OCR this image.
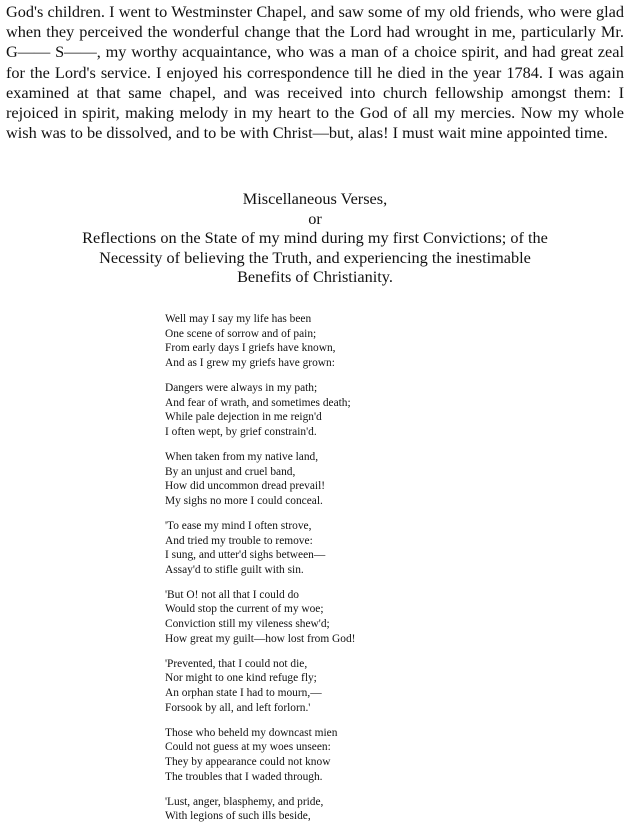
God's children. I went to Westminster Chapel, and saw some of my old friends, who were glad when they perceived the wonderful change that the Lord had wrought in me, particularly Mr. G—— S——, my worthy acquaintance, who was a man of a choice spirit, and had great zeal for the Lord's service. I enjoyed his correspondence till he died in the year 1784. I was again examined at that same chapel, and was received into church fellowship amongst them: I rejoiced in spirit, making melody in my heart to the God of all my mercies. Now my whole wish was to be dissolved, and to be with Christ—but, alas! I must wait mine appointed time.

Miscellaneous Verses,
or
Reflections on the State of my mind during my first Convictions; of the
Necessity of believing the Truth, and experiencing the inestimable
Benefits of Christianity.
Well may I say my life has been
One scene of sorrow and of pain;
From early days I griefs have known,
And as I grew my griefs have grown:
Dangers were always in my path;
And fear of wrath, and sometimes death;
While pale dejection in me reign'd
I often wept, by grief constrain'd.
When taken from my native land,
By an unjust and cruel band,
How did uncommon dread prevail!
My sighs no more I could conceal.
'To ease my mind I often strove,
And tried my trouble to remove:
I sung, and utter'd sighs between—
Assay'd to stifle guilt with sin.
'But O! not all that I could do
Would stop the current of my woe;
Conviction still my vileness shew'd;
How great my guilt—how lost from God!
'Prevented, that I could not die,
Nor might to one kind refuge fly;
An orphan state I had to mourn,—
Forsook by all, and left forlorn.'
Those who beheld my downcast mien
Could not guess at my woes unseen:
They by appearance could not know
The troubles that I waded through.
'Lust, anger, blasphemy, and pride,
With legions of such ills beside,
